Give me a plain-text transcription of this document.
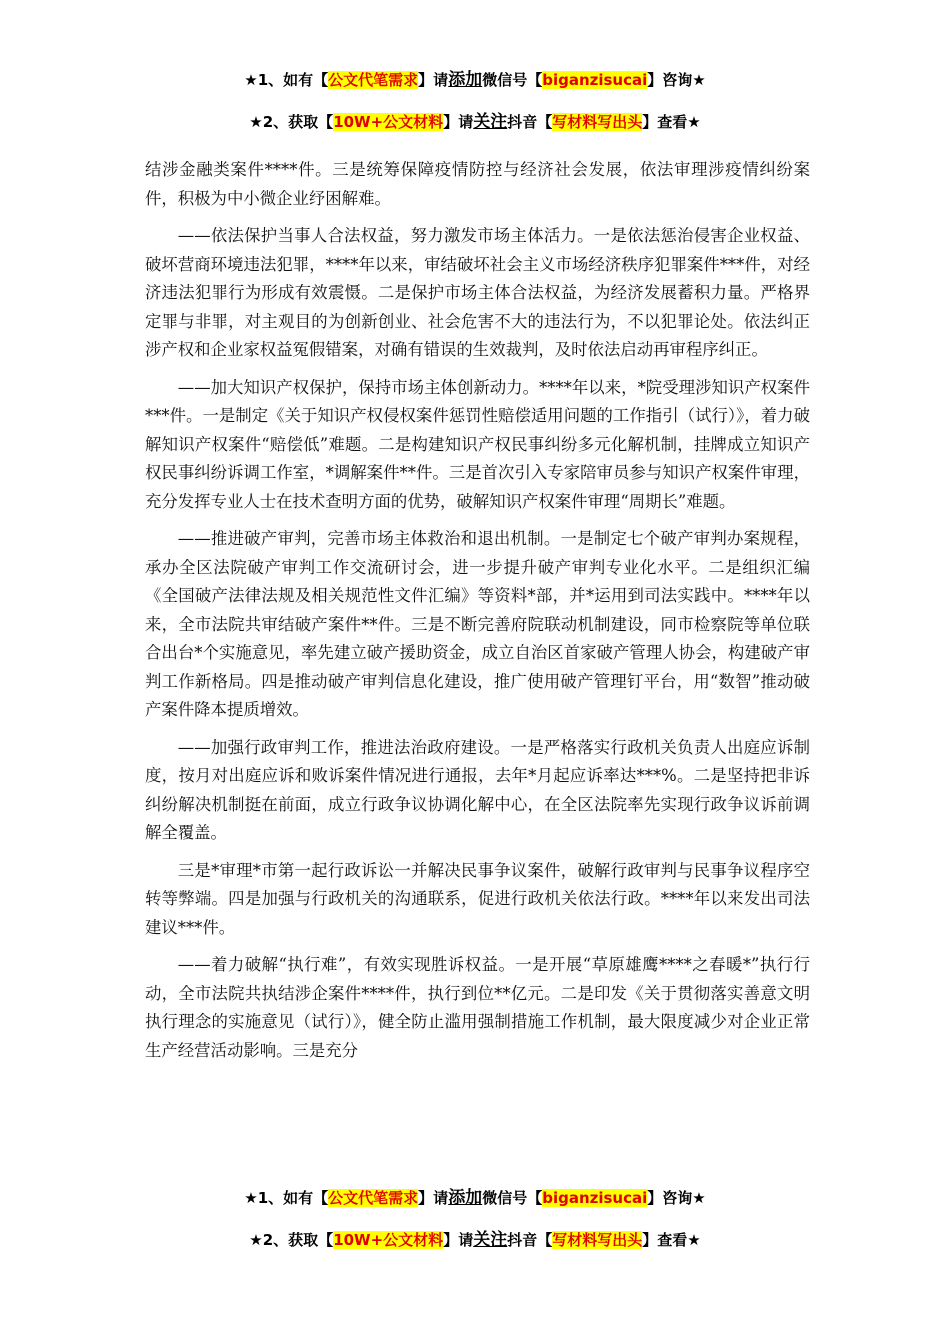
★1、如有【公文代笔需求】请添加微信号【biganzisucai】咨询★
★2、获取【10W+公文材料】请关注抖音【写材料写出头】查看★

结涉金融类案件****件。三是统筹保障疫情防控与经济社会发展，依法审理涉疫情纠纷案件，积极为中小微企业纾困解难。

——依法保护当事人合法权益，努力激发市场主体活力。一是依法惩治侵害企业权益、破坏营商环境违法犯罪，****年以来，审结破坏社会主义市场经济秩序犯罪案件***件，对经济违法犯罪行为形成有效震慑。二是保护市场主体合法权益，为经济发展蓄积力量。严格界定罪与非罪，对主观目的为创新创业、社会危害不大的违法行为，不以犯罪论处。依法纠正涉产权和企业家权益冤假错案，对确有错误的生效裁判，及时依法启动再审程序纠正。

——加大知识产权保护，保持市场主体创新动力。****年以来，*院受理涉知识产权案件***件。一是制定《关于知识产权侵权案件惩罚性赔偿适用问题的工作指引（试行）》，着力破解知识产权案件“赔偿低”难题。二是构建知识产权民事纠纷多元化解机制，挂牌成立知识产权民事纠纷诉调工作室，*调解案件**件。三是首次引入专家陪审员参与知识产权案件审理，充分发挥专业人士在技术查明方面的优势，破解知识产权案件审理“周期长”难题。

——推进破产审判，完善市场主体救治和退出机制。一是制定七个破产审判办案规程，承办全区法院破产审判工作交流研讨会，进一步提升破产审判专业化水平。二是组织汇编《全国破产法律法规及相关规范性文件汇编》等资料*部，并*运用到司法实践中。****年以来，全市法院共审结破产案件**件。三是不断完善府院联动机制建设，同市检察院等单位联合出台*个实施意见，率先建立破产援助资金，成立自治区首家破产管理人协会，构建破产审判工作新格局。四是推动破产审判信息化建设，推广使用破产管理钉平台，用“数智”推动破产案件降本提质增效。

——加强行政审判工作，推进法治政府建设。一是严格落实行政机关负责人出庭应诉制度，按月对出庭应诉和败诉案件情况进行通报，去年*月起应诉率达***%。二是坚持把非诉纠纷解决机制挺在前面，成立行政争议协调化解中心，在全区法院率先实现行政争议诉前调解全覆盖。

三是*审理*市第一起行政诉讼一并解决民事争议案件，破解行政审判与民事争议程序空转等弊端。四是加强与行政机关的沟通联系，促进行政机关依法行政。****年以来发出司法建议***件。

——着力破解“执行难”，有效实现胜诉权益。一是开展“草原雄鹰****之春暖*”执行行动，全市法院共执结涉企案件****件，执行到位**亿元。二是印发《关于贯彻落实善意文明执行理念的实施意见（试行）》，健全防止滥用强制措施工作机制，最大限度减少对企业正常生产经营活动影响。三是充分

★1、如有【公文代笔需求】请添加微信号【biganzisucai】咨询★
★2、获取【10W+公文材料】请关注抖音【写材料写出头】查看★
